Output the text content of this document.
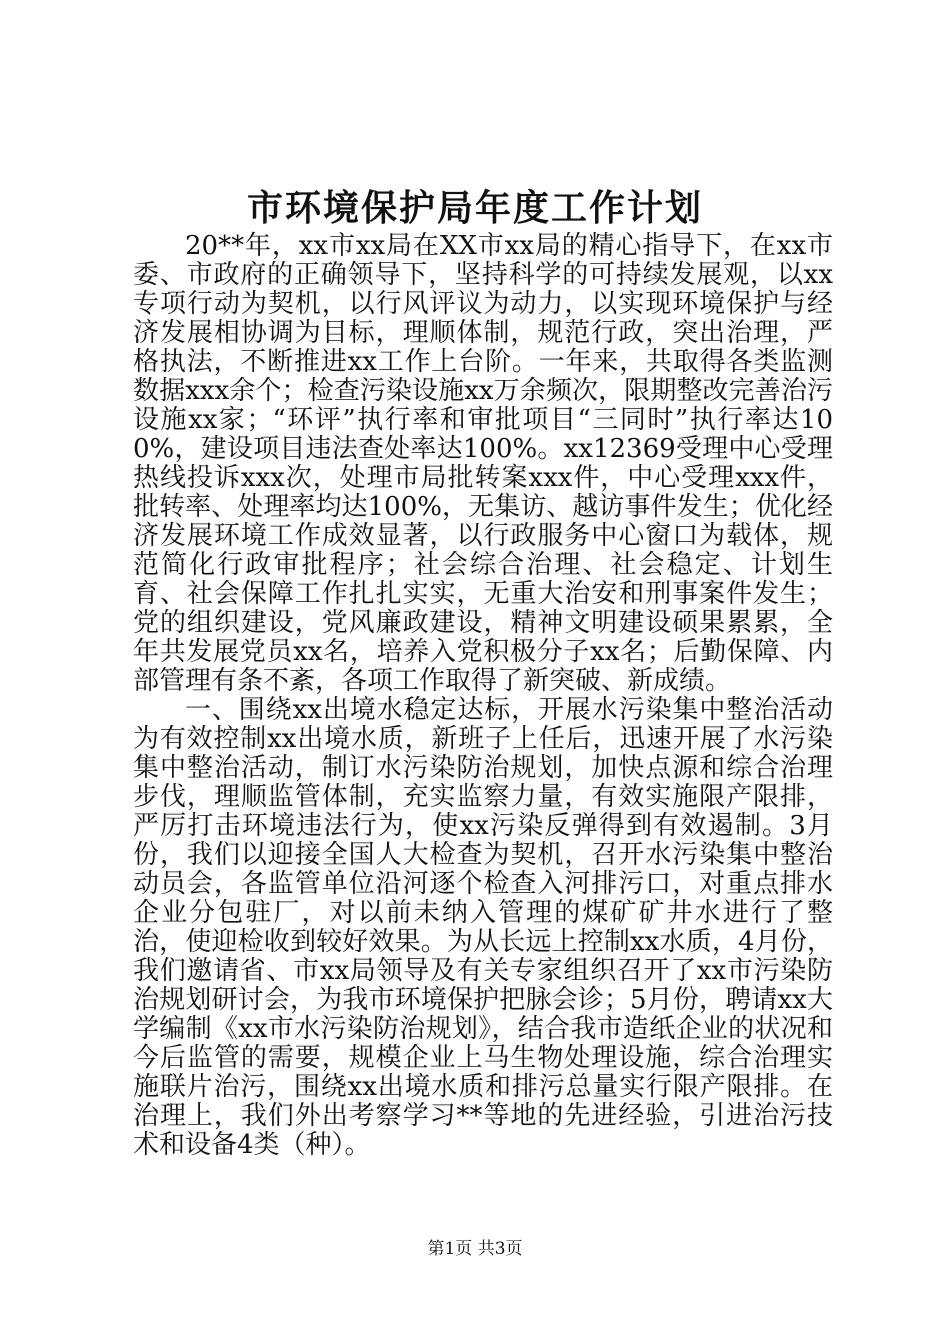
市环境保护局年度工作计划

20**年，xx市xx局在XX市xx局的精心指导下，在xx市委、市政府的正确领导下，坚持科学的可持续发展观，以xx专项行动为契机，以行风评议为动力，以实现环境保护与经济发展相协调为目标，理顺体制，规范行政，突出治理，严格执法，不断推进xx工作上台阶。一年来，共取得各类监测数据xxx余个；检查污染设施xx万余频次，限期整改完善治污设施xx家；“环评”执行率和审批项目“三同时”执行率达100%，建设项目违法查处率达100%。xx12369受理中心受理热线投诉xxx次，处理市局批转案xxx件，中心受理xxx件，批转率、处理率均达100%，无集访、越访事件发生；优化经济发展环境工作成效显著，以行政服务中心窗口为载体，规范简化行政审批程序；社会综合治理、社会稳定、计划生育、社会保障工作扎扎实实，无重大治安和刑事案件发生；党的组织建设，党风廉政建设，精神文明建设硕果累累，全年共发展党员xx名，培养入党积极分子xx名；后勤保障、内部管理有条不紊，各项工作取得了新突破、新成绩。

一、围绕xx出境水稳定达标，开展水污染集中整治活动为有效控制xx出境水质，新班子上任后，迅速开展了水污染集中整治活动，制订水污染防治规划，加快点源和综合治理步伐，理顺监管体制，充实监察力量，有效实施限产限排，严厉打击环境违法行为，使xx污染反弹得到有效遏制。3月份，我们以迎接全国人大检查为契机，召开水污染集中整治动员会，各监管单位沿河逐个检查入河排污口，对重点排水企业分包驻厂，对以前未纳入管理的煤矿矿井水进行了整治，使迎检收到较好效果。为从长远上控制xx水质，4月份，我们邀请省、市xx局领导及有关专家组织召开了xx市污染防治规划研讨会，为我市环境保护把脉会诊；5月份，聘请xx大学编制《xx市水污染防治规划》，结合我市造纸企业的状况和今后监管的需要，规模企业上马生物处理设施，综合治理实施联片治污，围绕xx出境水质和排污总量实行限产限排。在治理上，我们外出考察学习**等地的先进经验，引进治污技术和设备4类（种）。

第1页 共3页
